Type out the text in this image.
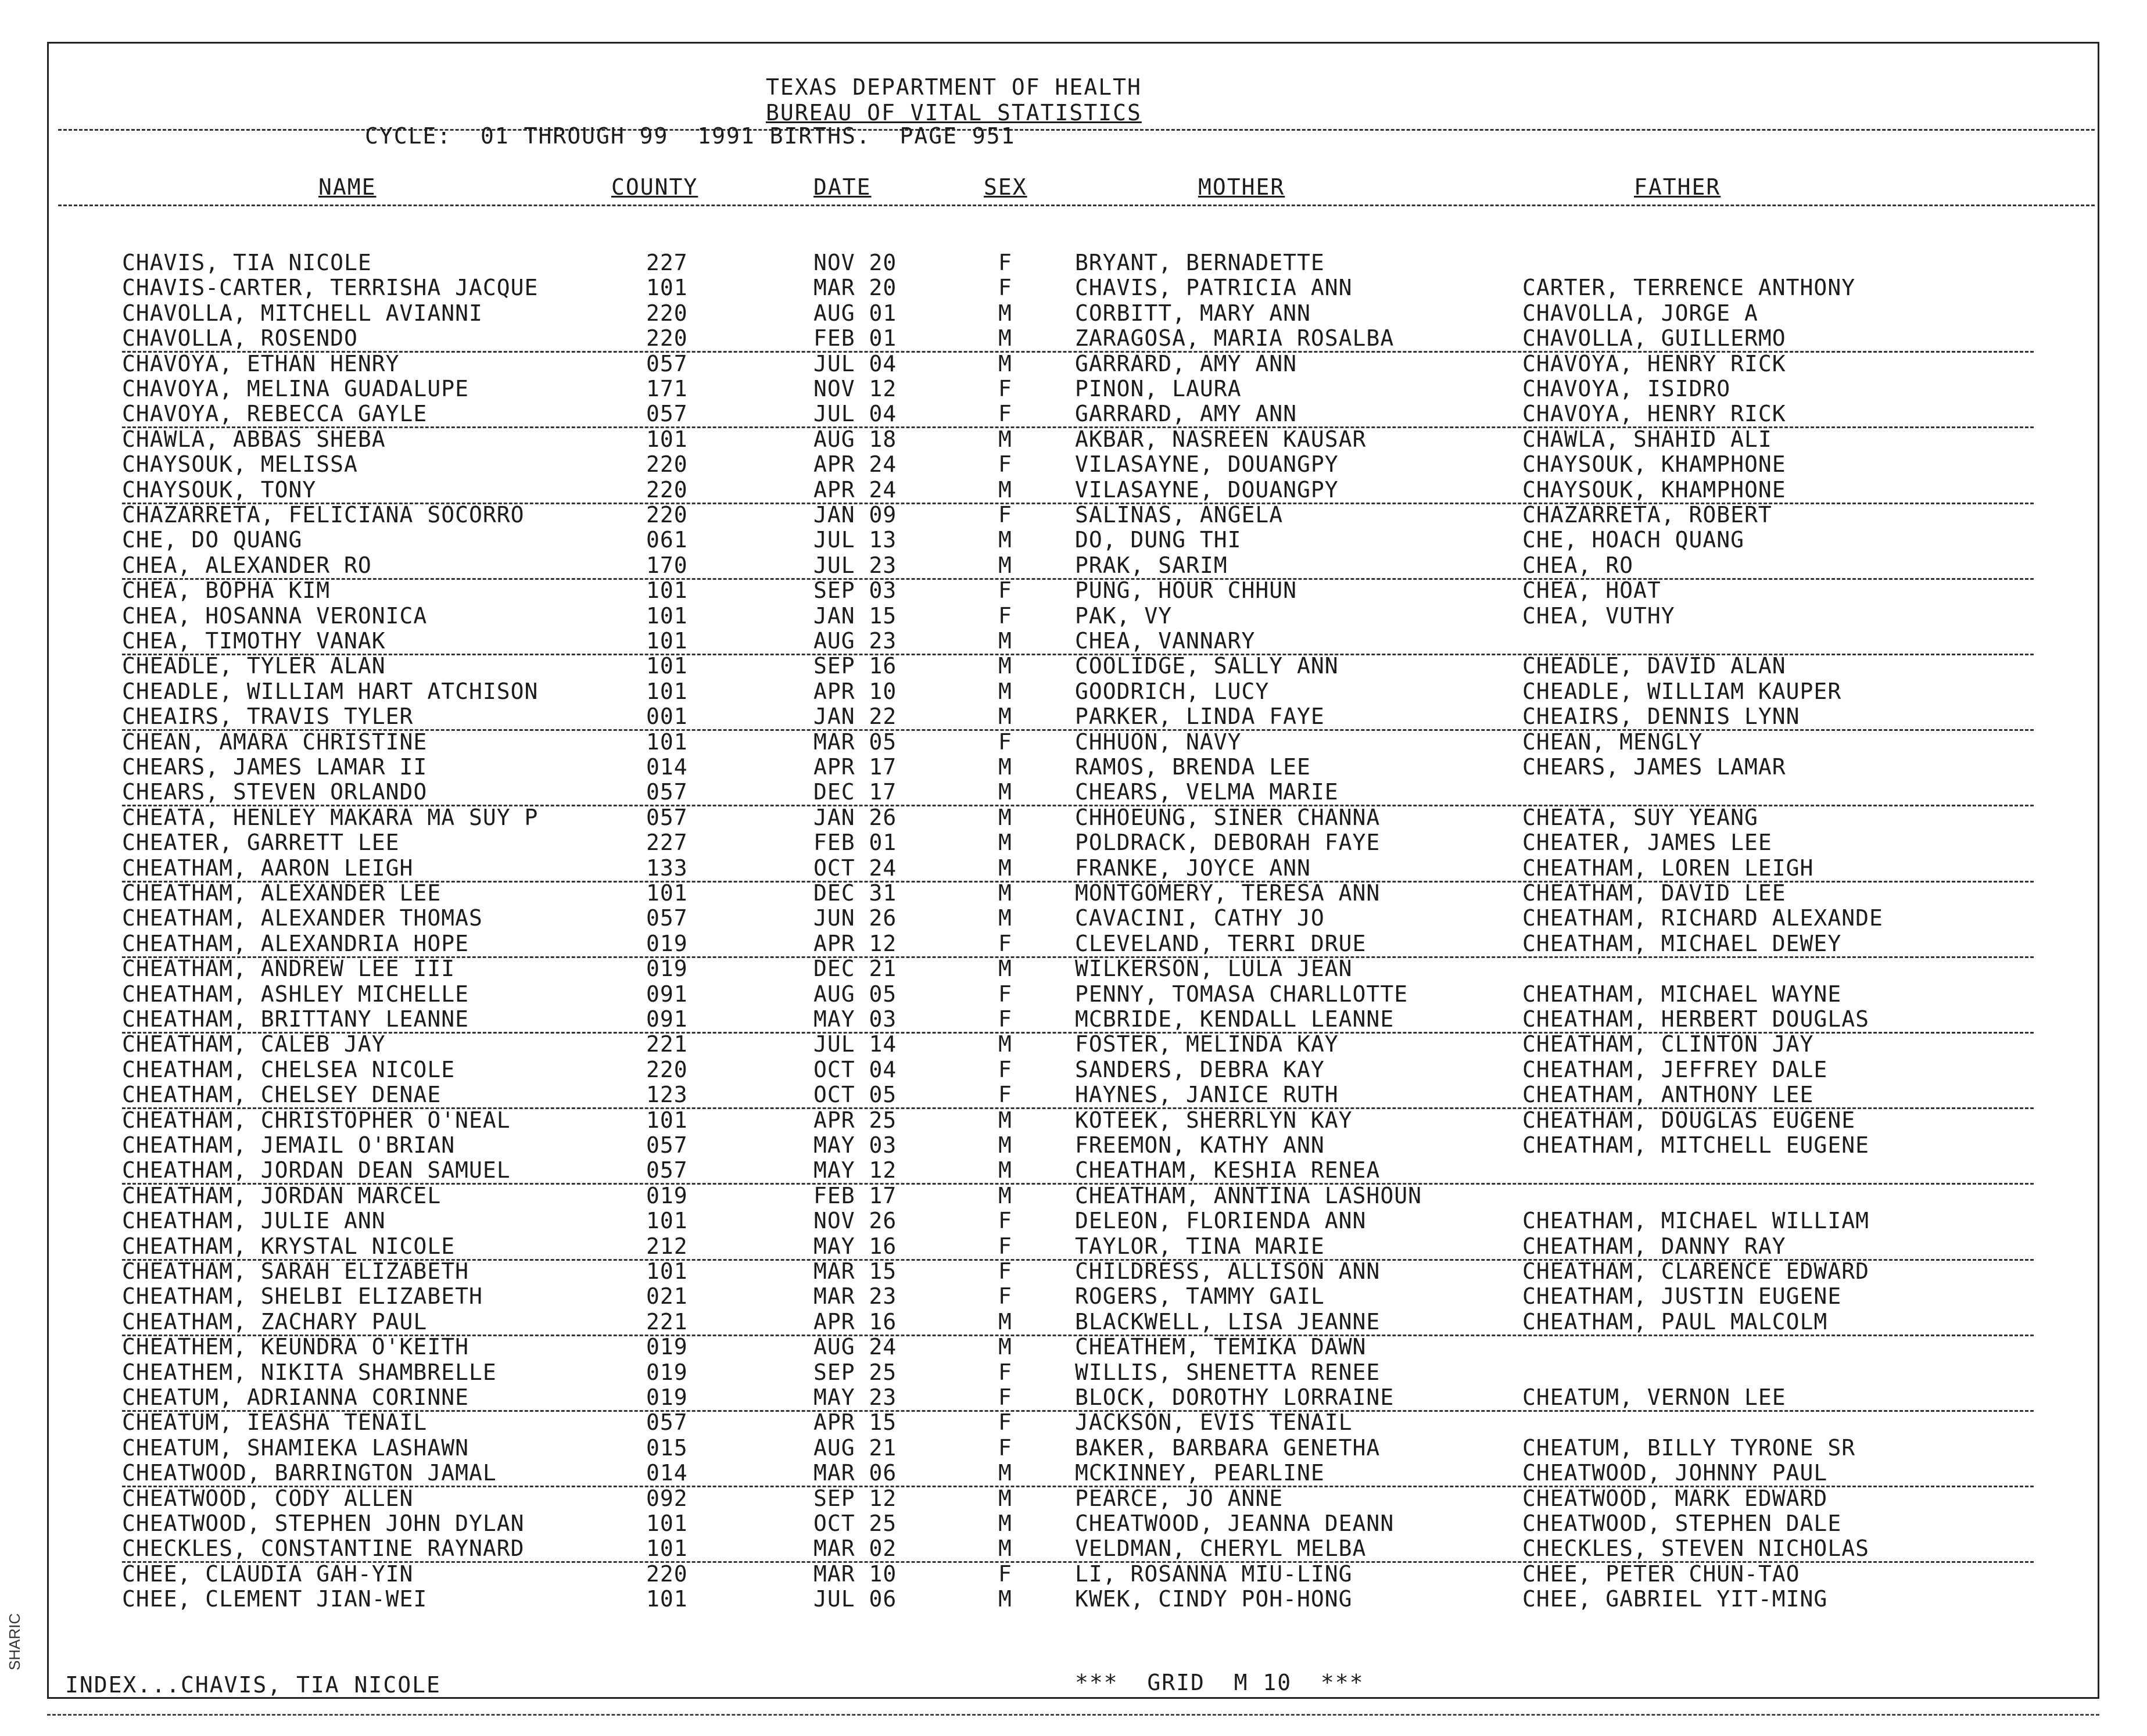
TEXAS DEPARTMENT OF HEALTH
BUREAU OF VITAL STATISTICS
CYCLE:  01 THROUGH 99  1991 BIRTHS.  PAGE 951
NAME	COUNTY	DATE	SEX	MOTHER	FATHER
CHAVIS, TIA NICOLE	227	NOV 20	F	BRYANT, BERNADETTE
CHAVIS-CARTER, TERRISHA JACQUE	101	MAR 20	F	CHAVIS, PATRICIA ANN	CARTER, TERRENCE ANTHONY
CHAVOLLA, MITCHELL AVIANNI	220	AUG 01	M	CORBITT, MARY ANN	CHAVOLLA, JORGE A
CHAVOLLA, ROSENDO	220	FEB 01	M	ZARAGOSA, MARIA ROSALBA	CHAVOLLA, GUILLERMO
CHAVOYA, ETHAN HENRY	057	JUL 04	M	GARRARD, AMY ANN	CHAVOYA, HENRY RICK
CHAVOYA, MELINA GUADALUPE	171	NOV 12	F	PINON, LAURA	CHAVOYA, ISIDRO
CHAVOYA, REBECCA GAYLE	057	JUL 04	F	GARRARD, AMY ANN	CHAVOYA, HENRY RICK
CHAWLA, ABBAS SHEBA	101	AUG 18	M	AKBAR, NASREEN KAUSAR	CHAWLA, SHAHID ALI
CHAYSOUK, MELISSA	220	APR 24	F	VILASAYNE, DOUANGPY	CHAYSOUK, KHAMPHONE
CHAYSOUK, TONY	220	APR 24	M	VILASAYNE, DOUANGPY	CHAYSOUK, KHAMPHONE
CHAZARRETA, FELICIANA SOCORRO	220	JAN 09	F	SALINAS, ANGELA	CHAZARRETA, ROBERT
CHE, DO QUANG	061	JUL 13	M	DO, DUNG THI	CHE, HOACH QUANG
CHEA, ALEXANDER RO	170	JUL 23	M	PRAK, SARIM	CHEA, RO
CHEA, BOPHA KIM	101	SEP 03	F	PUNG, HOUR CHHUN	CHEA, HOAT
CHEA, HOSANNA VERONICA	101	JAN 15	F	PAK, VY	CHEA, VUTHY
CHEA, TIMOTHY VANAK	101	AUG 23	M	CHEA, VANNARY
CHEADLE, TYLER ALAN	101	SEP 16	M	COOLIDGE, SALLY ANN	CHEADLE, DAVID ALAN
CHEADLE, WILLIAM HART ATCHISON	101	APR 10	M	GOODRICH, LUCY	CHEADLE, WILLIAM KAUPER
CHEAIRS, TRAVIS TYLER	001	JAN 22	M	PARKER, LINDA FAYE	CHEAIRS, DENNIS LYNN
CHEAN, AMARA CHRISTINE	101	MAR 05	F	CHHUON, NAVY	CHEAN, MENGLY
CHEARS, JAMES LAMAR II	014	APR 17	M	RAMOS, BRENDA LEE	CHEARS, JAMES LAMAR
CHEARS, STEVEN ORLANDO	057	DEC 17	M	CHEARS, VELMA MARIE
CHEATA, HENLEY MAKARA MA SUY P	057	JAN 26	M	CHHOEUNG, SINER CHANNA	CHEATA, SUY YEANG
CHEATER, GARRETT LEE	227	FEB 01	M	POLDRACK, DEBORAH FAYE	CHEATER, JAMES LEE
CHEATHAM, AARON LEIGH	133	OCT 24	M	FRANKE, JOYCE ANN	CHEATHAM, LOREN LEIGH
CHEATHAM, ALEXANDER LEE	101	DEC 31	M	MONTGOMERY, TERESA ANN	CHEATHAM, DAVID LEE
CHEATHAM, ALEXANDER THOMAS	057	JUN 26	M	CAVACINI, CATHY JO	CHEATHAM, RICHARD ALEXANDE
CHEATHAM, ALEXANDRIA HOPE	019	APR 12	F	CLEVELAND, TERRI DRUE	CHEATHAM, MICHAEL DEWEY
CHEATHAM, ANDREW LEE III	019	DEC 21	M	WILKERSON, LULA JEAN
CHEATHAM, ASHLEY MICHELLE	091	AUG 05	F	PENNY, TOMASA CHARLLOTTE	CHEATHAM, MICHAEL WAYNE
CHEATHAM, BRITTANY LEANNE	091	MAY 03	F	MCBRIDE, KENDALL LEANNE	CHEATHAM, HERBERT DOUGLAS
CHEATHAM, CALEB JAY	221	JUL 14	M	FOSTER, MELINDA KAY	CHEATHAM, CLINTON JAY
CHEATHAM, CHELSEA NICOLE	220	OCT 04	F	SANDERS, DEBRA KAY	CHEATHAM, JEFFREY DALE
CHEATHAM, CHELSEY DENAE	123	OCT 05	F	HAYNES, JANICE RUTH	CHEATHAM, ANTHONY LEE
CHEATHAM, CHRISTOPHER O'NEAL	101	APR 25	M	KOTEEK, SHERRLYN KAY	CHEATHAM, DOUGLAS EUGENE
CHEATHAM, JEMAIL O'BRIAN	057	MAY 03	M	FREEMON, KATHY ANN	CHEATHAM, MITCHELL EUGENE
CHEATHAM, JORDAN DEAN SAMUEL	057	MAY 12	M	CHEATHAM, KESHIA RENEA
CHEATHAM, JORDAN MARCEL	019	FEB 17	M	CHEATHAM, ANNTINA LASHOUN
CHEATHAM, JULIE ANN	101	NOV 26	F	DELEON, FLORIENDA ANN	CHEATHAM, MICHAEL WILLIAM
CHEATHAM, KRYSTAL NICOLE	212	MAY 16	F	TAYLOR, TINA MARIE	CHEATHAM, DANNY RAY
CHEATHAM, SARAH ELIZABETH	101	MAR 15	F	CHILDRESS, ALLISON ANN	CHEATHAM, CLARENCE EDWARD
CHEATHAM, SHELBI ELIZABETH	021	MAR 23	F	ROGERS, TAMMY GAIL	CHEATHAM, JUSTIN EUGENE
CHEATHAM, ZACHARY PAUL	221	APR 16	M	BLACKWELL, LISA JEANNE	CHEATHAM, PAUL MALCOLM
CHEATHEM, KEUNDRA O'KEITH	019	AUG 24	M	CHEATHEM, TEMIKA DAWN
CHEATHEM, NIKITA SHAMBRELLE	019	SEP 25	F	WILLIS, SHENETTA RENEE
CHEATUM, ADRIANNA CORINNE	019	MAY 23	F	BLOCK, DOROTHY LORRAINE	CHEATUM, VERNON LEE
CHEATUM, IEASHA TENAIL	057	APR 15	F	JACKSON, EVIS TENAIL
CHEATUM, SHAMIEKA LASHAWN	015	AUG 21	F	BAKER, BARBARA GENETHA	CHEATUM, BILLY TYRONE SR
CHEATWOOD, BARRINGTON JAMAL	014	MAR 06	M	MCKINNEY, PEARLINE	CHEATWOOD, JOHNNY PAUL
CHEATWOOD, CODY ALLEN	092	SEP 12	M	PEARCE, JO ANNE	CHEATWOOD, MARK EDWARD
CHEATWOOD, STEPHEN JOHN DYLAN	101	OCT 25	M	CHEATWOOD, JEANNA DEANN	CHEATWOOD, STEPHEN DALE
CHECKLES, CONSTANTINE RAYNARD	101	MAR 02	M	VELDMAN, CHERYL MELBA	CHECKLES, STEVEN NICHOLAS
CHEE, CLAUDIA GAH-YIN	220	MAR 10	F	LI, ROSANNA MIU-LING	CHEE, PETER CHUN-TAO
CHEE, CLEMENT JIAN-WEI	101	JUL 06	M	KWEK, CINDY POH-HONG	CHEE, GABRIEL YIT-MING
INDEX...CHAVIS, TIA NICOLE	***  GRID  M 10  ***
SHARIC
